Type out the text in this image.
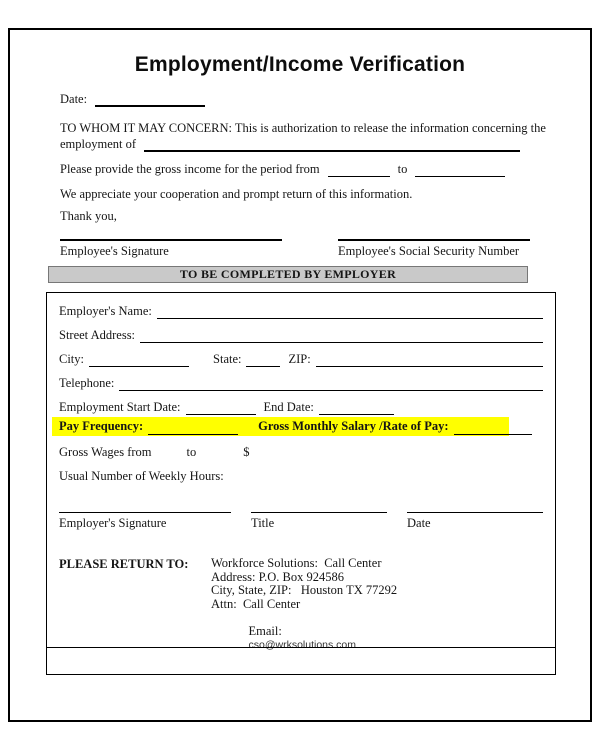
Employment/Income Verification
Date:
TO WHOM IT MAY CONCERN: This is authorization to release the information concerning the
employment of
Please provide the gross income for the period from	to
We appreciate your cooperation and prompt return of this information.
Thank you,
Employee's Signature	Employee's Social Security Number
TO BE COMPLETED BY EMPLOYER
Employer's Name:
Street Address:
City:	State:	ZIP:
Telephone:
Employment Start Date:	End Date:
Pay Frequency:	Gross Monthly Salary /Rate of Pay:
Gross Wages from	to	$
Usual Number of Weekly Hours:
Employer's Signature	Title	Date
PLEASE RETURN TO:	Workforce Solutions:  Call Center
Address: P.O. Box 924586
City, State, ZIP:   Houston TX 77292
Attn:  Call Center

Email:
cso@wrksolutions.com
